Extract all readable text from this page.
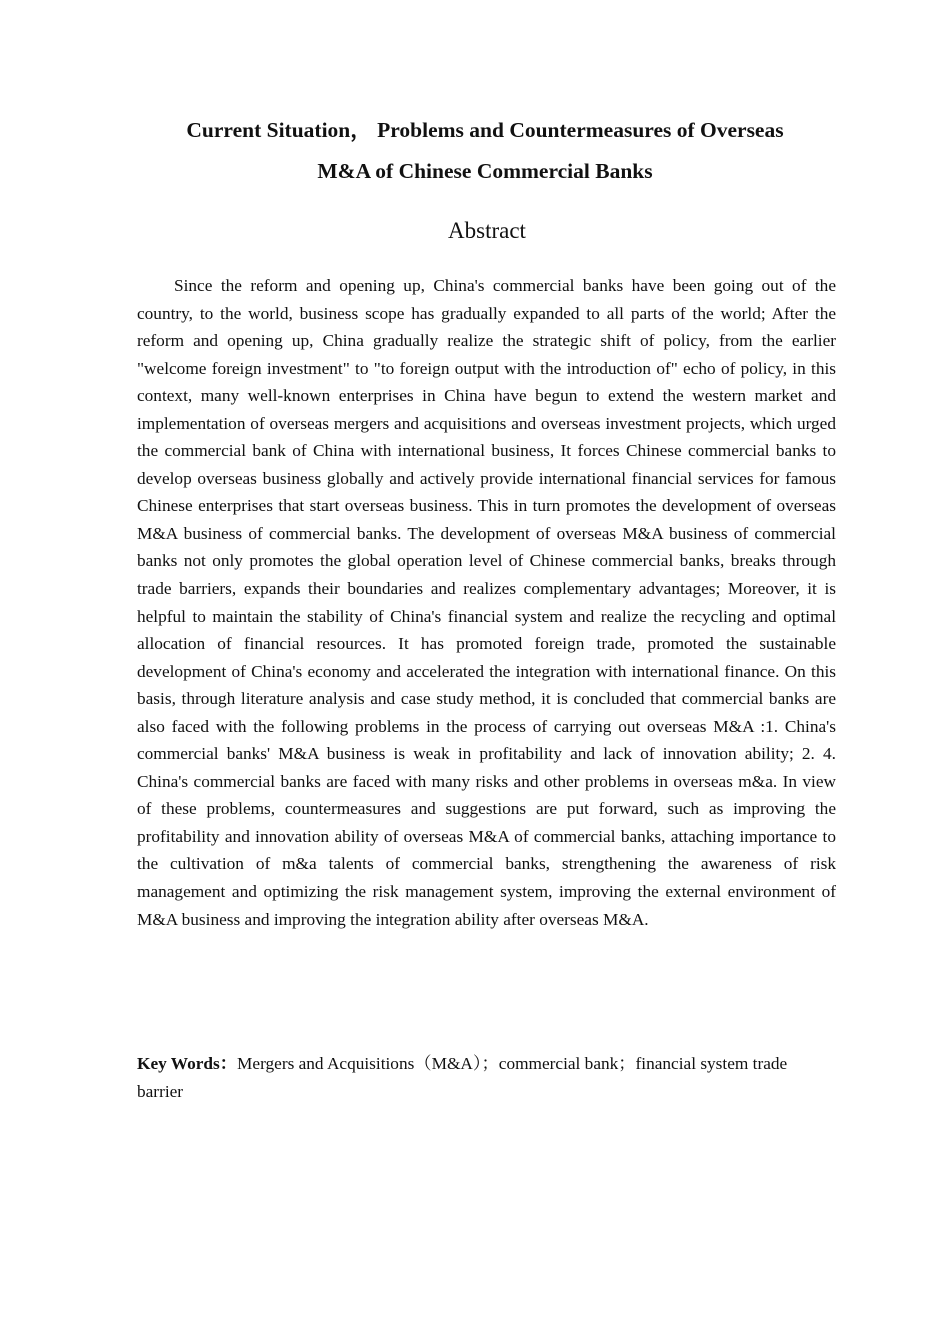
Current Situation， Problems and Countermeasures of Overseas
M&A of Chinese Commercial Banks
Abstract

Since the reform and opening up, China's commercial banks have been going out of the country, to the world, business scope has gradually expanded to all parts of the world; After the reform and opening up, China gradually realize the strategic shift of policy, from the earlier "welcome foreign investment" to "to foreign output with the introduction of" echo of policy, in this context, many well-known enterprises in China have begun to extend the western market and implementation of overseas mergers and acquisitions and overseas investment projects, which urged the commercial bank of China with international business, It forces Chinese commercial banks to develop overseas business globally and actively provide international financial services for famous Chinese enterprises that start overseas business. This in turn promotes the development of overseas M&A business of commercial banks. The development of overseas M&A business of commercial banks not only promotes the global operation level of Chinese commercial banks, breaks through trade barriers, expands their boundaries and realizes complementary advantages; Moreover, it is helpful to maintain the stability of China's financial system and realize the recycling and optimal allocation of financial resources. It has promoted foreign trade, promoted the sustainable development of China's economy and accelerated the integration with international finance. On this basis, through literature analysis and case study method, it is concluded that commercial banks are also faced with the following problems in the process of carrying out overseas M&A :1. China's commercial banks' M&A business is weak in profitability and lack of innovation ability; 2. 4. China's commercial banks are faced with many risks and other problems in overseas m&a. In view of these problems, countermeasures and suggestions are put forward, such as improving the profitability and innovation ability of overseas M&A of commercial banks, attaching importance to the cultivation of m&a talents of commercial banks, strengthening the awareness of risk management and optimizing the risk management system, improving the external environment of M&A business and improving the integration ability after overseas M&A.

Key Words：Mergers and Acquisitions（M&A）；commercial bank；financial system trade barrier
